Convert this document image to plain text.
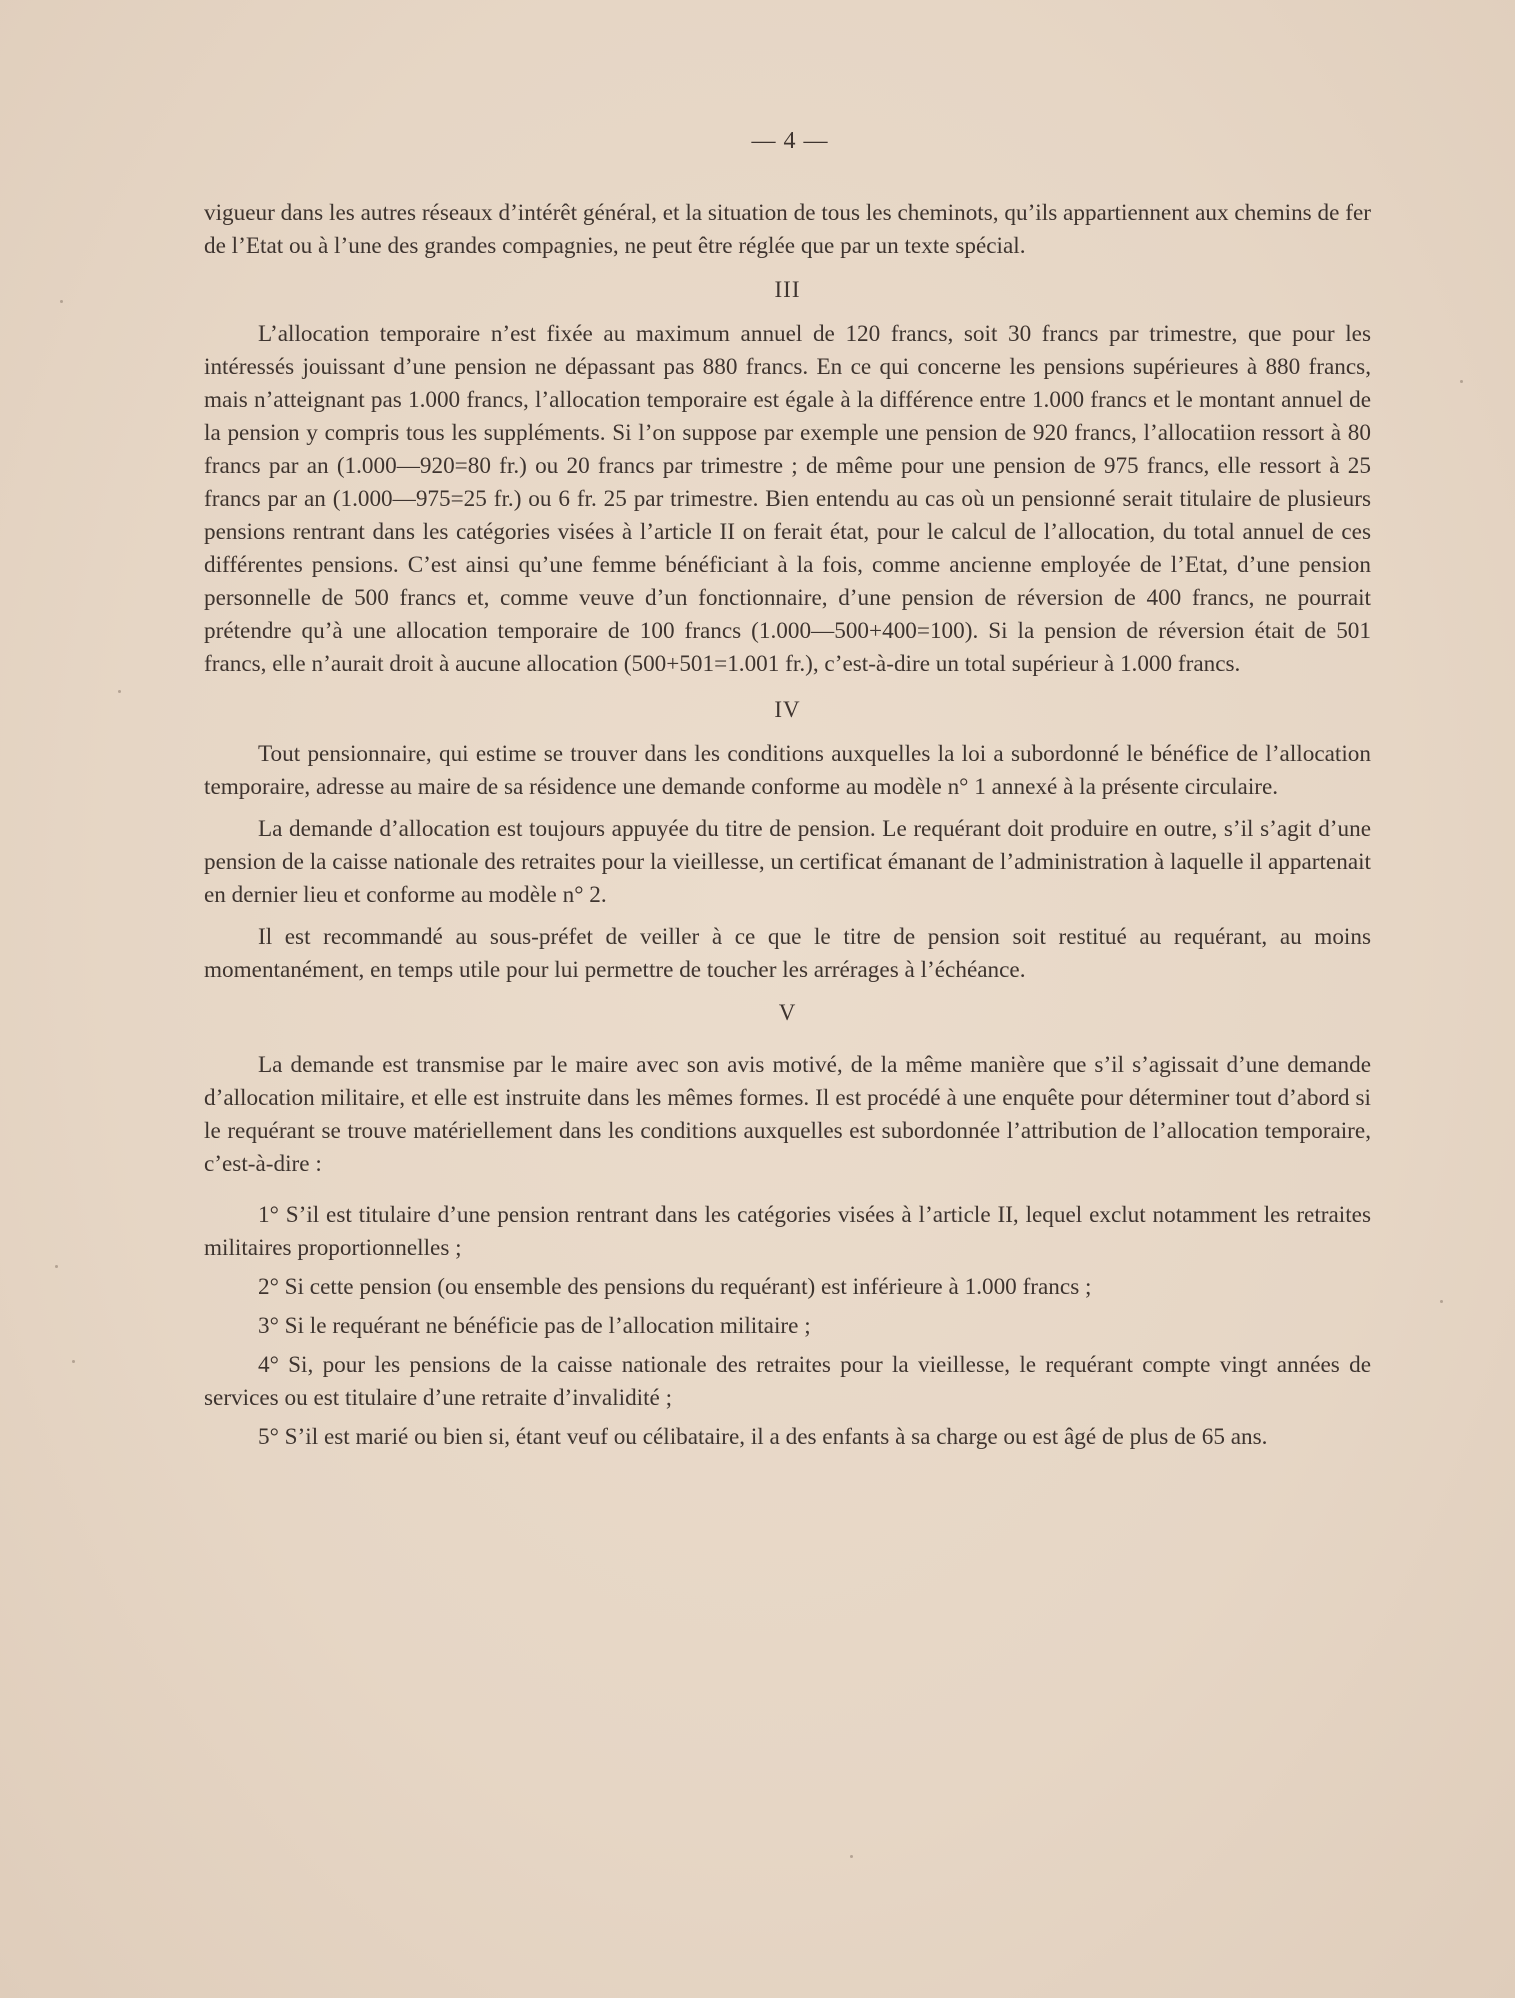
— 4 —

vigueur dans les autres réseaux d’intérêt général, et la situation de tous les cheminots, qu’ils appartiennent aux chemins de fer de l’Etat ou à l’une des grandes compagnies, ne peut être réglée que par un texte spécial.

III

L’allocation temporaire n’est fixée au maximum annuel de 120 francs, soit 30 francs par trimestre, que pour les intéressés jouissant d’une pension ne dépassant pas 880 francs. En ce qui concerne les pensions supérieures à 880 francs, mais n’atteignant pas 1.000 francs, l’allocation temporaire est égale à la différence entre 1.000 francs et le montant annuel de la pension y compris tous les suppléments. Si l’on suppose par exemple une pension de 920 francs, l’allocatiion ressort à 80 francs par an (1.000—920=80 fr.) ou 20 francs par trimestre ; de même pour une pension de 975 francs, elle ressort à 25 francs par an (1.000—975=25 fr.) ou 6 fr. 25 par trimestre. Bien entendu au cas où un pensionné serait titulaire de plusieurs pensions rentrant dans les catégories visées à l’article II on ferait état, pour le calcul de l’allocation, du total annuel de ces différentes pensions. C’est ainsi qu’une femme bénéficiant à la fois, comme ancienne employée de l’Etat, d’une pension personnelle de 500 francs et, comme veuve d’un fonctionnaire, d’une pension de réversion de 400 francs, ne pourrait prétendre qu’à une allocation temporaire de 100 francs (1.000—500+400=100). Si la pension de réversion était de 501 francs, elle n’aurait droit à aucune allocation (500+501=1.001 fr.), c’est-à-dire un total supérieur à 1.000 francs.

IV

Tout pensionnaire, qui estime se trouver dans les conditions auxquelles la loi a subordonné le bénéfice de l’allocation temporaire, adresse au maire de sa résidence une demande conforme au modèle n° 1 annexé à la présente circulaire.

La demande d’allocation est toujours appuyée du titre de pension. Le requérant doit produire en outre, s’il s’agit d’une pension de la caisse nationale des retraites pour la vieillesse, un certificat émanant de l’administration à laquelle il appartenait en dernier lieu et conforme au modèle n° 2.

Il est recommandé au sous-préfet de veiller à ce que le titre de pension soit restitué au requérant, au moins momentanément, en temps utile pour lui permettre de toucher les arrérages à l’échéance.

V

La demande est transmise par le maire avec son avis motivé, de la même manière que s’il s’agissait d’une demande d’allocation militaire, et elle est instruite dans les mêmes formes. Il est procédé à une enquête pour déterminer tout d’abord si le requérant se trouve matériellement dans les conditions auxquelles est subordonnée l’attribution de l’allocation temporaire, c’est-à-dire :

1° S’il est titulaire d’une pension rentrant dans les catégories visées à l’article II, lequel exclut notamment les retraites militaires proportionnelles ;

2° Si cette pension (ou ensemble des pensions du requérant) est inférieure à 1.000 francs ;

3° Si le requérant ne bénéficie pas de l’allocation militaire ;

4° Si, pour les pensions de la caisse nationale des retraites pour la vieillesse, le requérant compte vingt années de services ou est titulaire d’une retraite d’invalidité ;

5° S’il est marié ou bien si, étant veuf ou célibataire, il a des enfants à sa charge ou est âgé de plus de 65 ans.
